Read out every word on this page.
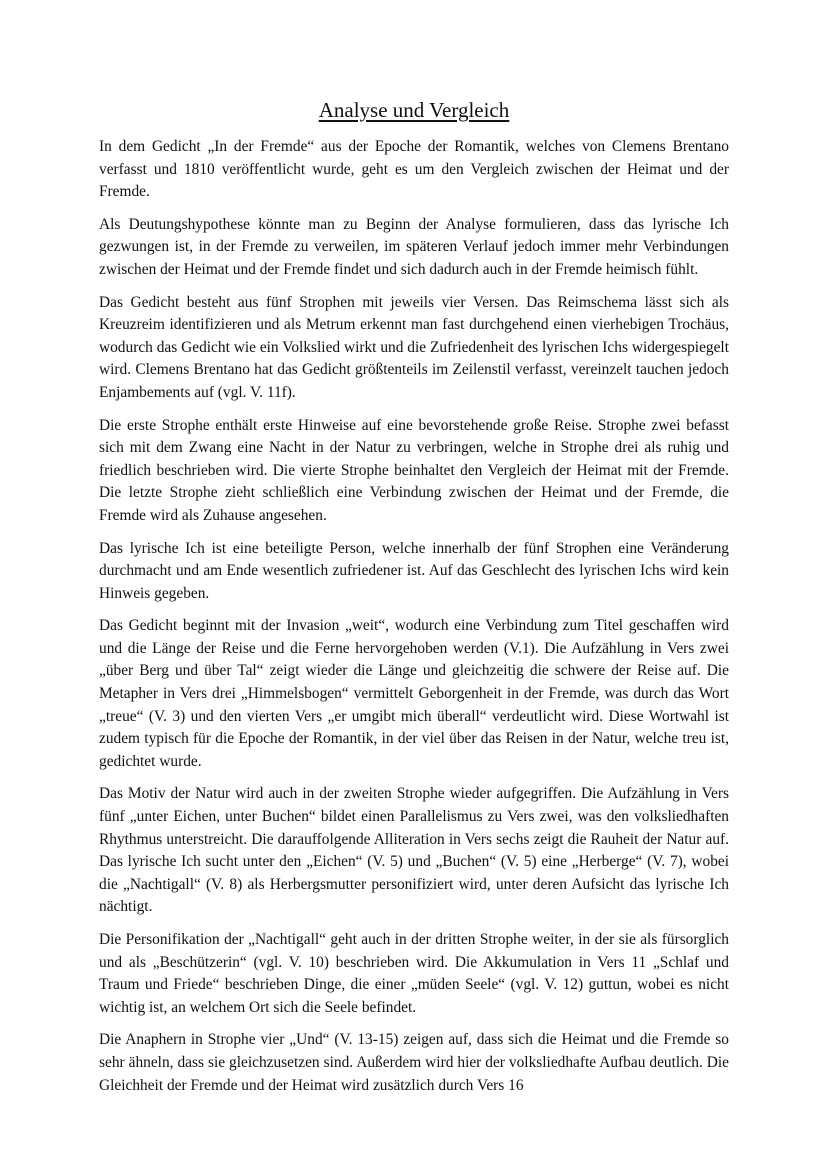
Analyse und Vergleich

In dem Gedicht „In der Fremde“ aus der Epoche der Romantik, welches von Clemens Brentano verfasst und 1810 veröffentlicht wurde, geht es um den Vergleich zwischen der Heimat und der Fremde.

Als Deutungshypothese könnte man zu Beginn der Analyse formulieren, dass das lyrische Ich gezwungen ist, in der Fremde zu verweilen, im späteren Verlauf jedoch immer mehr Verbindungen zwischen der Heimat und der Fremde findet und sich dadurch auch in der Fremde heimisch fühlt.

Das Gedicht besteht aus fünf Strophen mit jeweils vier Versen. Das Reimschema lässt sich als Kreuzreim identifizieren und als Metrum erkennt man fast durchgehend einen vierhebigen Trochäus, wodurch das Gedicht wie ein Volkslied wirkt und die Zufriedenheit des lyrischen Ichs widergespiegelt wird. Clemens Brentano hat das Gedicht größtenteils im Zeilenstil verfasst, vereinzelt tauchen jedoch Enjambements auf (vgl. V. 11f).

Die erste Strophe enthält erste Hinweise auf eine bevorstehende große Reise. Strophe zwei befasst sich mit dem Zwang eine Nacht in der Natur zu verbringen, welche in Strophe drei als ruhig und friedlich beschrieben wird. Die vierte Strophe beinhaltet den Vergleich der Heimat mit der Fremde. Die letzte Strophe zieht schließlich eine Verbindung zwischen der Heimat und der Fremde, die Fremde wird als Zuhause angesehen.

Das lyrische Ich ist eine beteiligte Person, welche innerhalb der fünf Strophen eine Veränderung durchmacht und am Ende wesentlich zufriedener ist. Auf das Geschlecht des lyrischen Ichs wird kein Hinweis gegeben.

Das Gedicht beginnt mit der Invasion „weit“, wodurch eine Verbindung zum Titel geschaffen wird und die Länge der Reise und die Ferne hervorgehoben werden (V.1). Die Aufzählung in Vers zwei „über Berg und über Tal“ zeigt wieder die Länge und gleichzeitig die schwere der Reise auf. Die Metapher in Vers drei „Himmelsbogen“ vermittelt Geborgenheit in der Fremde, was durch das Wort „treue“ (V. 3) und den vierten Vers „er umgibt mich überall“ verdeutlicht wird. Diese Wortwahl ist zudem typisch für die Epoche der Romantik, in der viel über das Reisen in der Natur, welche treu ist, gedichtet wurde.

Das Motiv der Natur wird auch in der zweiten Strophe wieder aufgegriffen. Die Aufzählung in Vers fünf „unter Eichen, unter Buchen“ bildet einen Parallelismus zu Vers zwei, was den volksliedhaften Rhythmus unterstreicht. Die darauffolgende Alliteration in Vers sechs zeigt die Rauheit der Natur auf. Das lyrische Ich sucht unter den „Eichen“ (V. 5) und „Buchen“ (V. 5) eine „Herberge“ (V. 7), wobei die „Nachtigall“ (V. 8) als Herbergsmutter personifiziert wird, unter deren Aufsicht das lyrische Ich nächtigt.

Die Personifikation der „Nachtigall“ geht auch in der dritten Strophe weiter, in der sie als fürsorglich und als „Beschützerin“ (vgl. V. 10) beschrieben wird. Die Akkumulation in Vers 11 „Schlaf und Traum und Friede“ beschrieben Dinge, die einer „müden Seele“ (vgl. V. 12) guttun, wobei es nicht wichtig ist, an welchem Ort sich die Seele befindet.

Die Anaphern in Strophe vier „Und“ (V. 13-15) zeigen auf, dass sich die Heimat und die Fremde so sehr ähneln, dass sie gleichzusetzen sind. Außerdem wird hier der volksliedhafte Aufbau deutlich. Die Gleichheit der Fremde und der Heimat wird zusätzlich durch Vers 16
